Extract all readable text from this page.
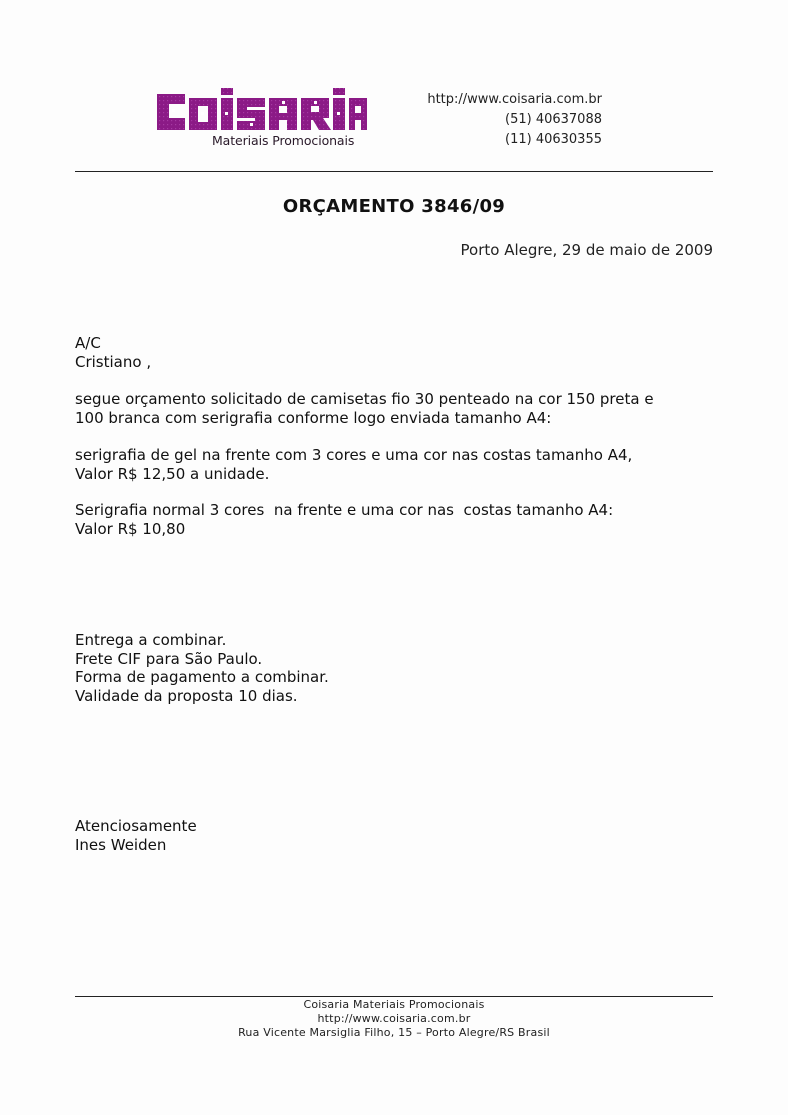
Materiais Promocionais
http://www.coisaria.com.br
(51) 40637088
(11) 40630355
ORÇAMENTO 3846/09
Porto Alegre, 29 de maio de 2009
A/C
Cristiano ,
segue orçamento solicitado de camisetas fio 30 penteado na cor 150 preta e
100 branca com serigrafia conforme logo enviada tamanho A4:
serigrafia de gel na frente com 3 cores e uma cor nas costas tamanho A4,
Valor R$ 12,50 a unidade.
Serigrafia normal 3 cores  na frente e uma cor nas  costas tamanho A4:
Valor R$ 10,80
Entrega a combinar.
Frete CIF para São Paulo.
Forma de pagamento a combinar.
Validade da proposta 10 dias.
Atenciosamente
Ines Weiden
Coisaria Materiais Promocionais
http://www.coisaria.com.br
Rua Vicente Marsiglia Filho, 15 – Porto Alegre/RS Brasil
